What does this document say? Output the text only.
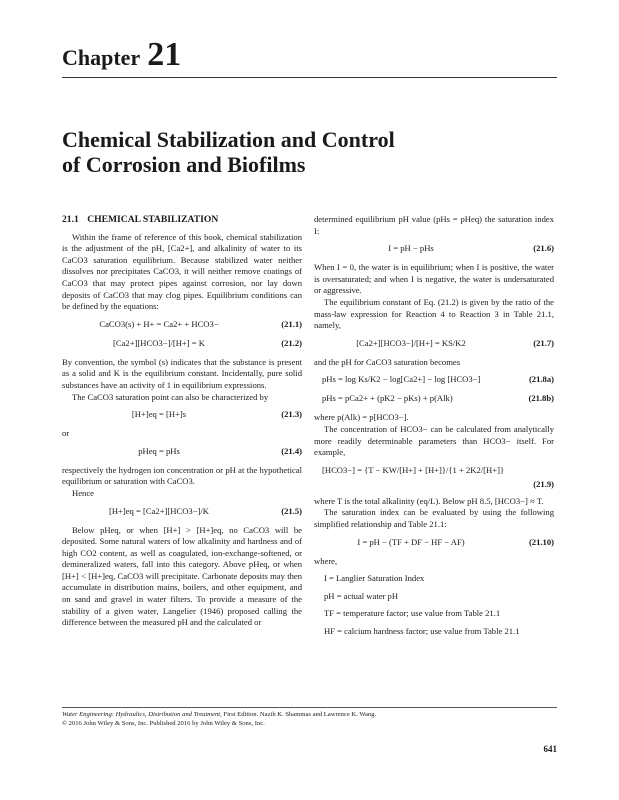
Chapter 21
Chemical Stabilization and Control
of Corrosion and Biofilms
21.1 CHEMICAL STABILIZATION

Within the frame of reference of this book, chemical stabilization is the adjustment of the pH, [Ca2+], and alkalinity of water to its CaCO3 saturation equilibrium. Because stabilized water neither dissolves nor precipitates CaCO3, it will neither remove coatings of CaCO3 that may protect pipes against corrosion, nor lay down deposits of CaCO3 that may clog pipes. Equilibrium conditions can be defined by the equations:

CaCO3(s) + H+ = Ca2+ + HCO3−	(21.1)
[Ca2+][HCO3−]/[H+] = K	(21.2)

By convention, the symbol (s) indicates that the substance is present as a solid and K is the equilibrium constant. Incidentally, pure solid substances have an activity of 1 in equilibrium expressions.

The CaCO3 saturation point can also be characterized by

[H+]eq = [H+]s	(21.3)

or

pHeq = pHs	(21.4)

respectively the hydrogen ion concentration or pH at the hypothetical equilibrium or saturation with CaCO3.

Hence

[H+]eq = [Ca2+][HCO3−]/K	(21.5)

Below pHeq, or when [H+] > [H+]eq, no CaCO3 will be deposited. Some natural waters of low alkalinity and hardness and of high CO2 content, as well as coagulated, ion-exchange-softened, or demineralized waters, fall into this category. Above pHeq, or when [H+] < [H+]eq, CaCO3 will precipitate. Carbonate deposits may then accumulate in distribution mains, boilers, and other equipment, and on sand and gravel in water filters. To provide a measure of the stability of a given water, Langelier (1946) proposed calling the difference between the measured pH and the calculated or

determined equilibrium pH value (pHs = pHeq) the saturation index I:

I = pH − pHs	(21.6)

When I = 0, the water is in equilibrium; when I is positive, the water is oversaturated; and when I is negative, the water is undersaturated or aggressive.

The equilibrium constant of Eq. (21.2) is given by the ratio of the mass-law expression for Reaction 4 to Reaction 3 in Table 21.1, namely,

[Ca2+][HCO3−]/[H+] = KS/K2	(21.7)

and the pH for CaCO3 saturation becomes

pHs = log Ks/K2 − log[Ca2+] − log [HCO3−]	(21.8a)
pHs = pCa2+ + (pK2 − pKs) + p(Alk)	(21.8b)

where p(Alk) = p[HCO3−].

The concentration of HCO3− can be calculated from analytically more readily determinable parameters than HCO3− itself. For example,

[HCO3−] = {T − KW/[H+] + [H+]}/{1 + 2K2/[H+]}
(21.9)

where T is the total alkalinity (eq/L). Below pH 8.5, [HCO3−] ≈ T.

The saturation index can be evaluated by using the following simplified relationship and Table 21.1:

I = pH − (TF + DF − HF − AF)	(21.10)

where,

I = Langlier Saturation Index
pH = actual water pH
TF = temperature factor; use value from Table 21.1
HF = calcium hardness factor; use value from Table 21.1
Water Engineering: Hydraulics, Distribution and Treatment, First Edition. Nazih K. Shammas and Lawrence K. Wang.
© 2016 John Wiley & Sons, Inc. Published 2016 by John Wiley & Sons, Inc.
641
